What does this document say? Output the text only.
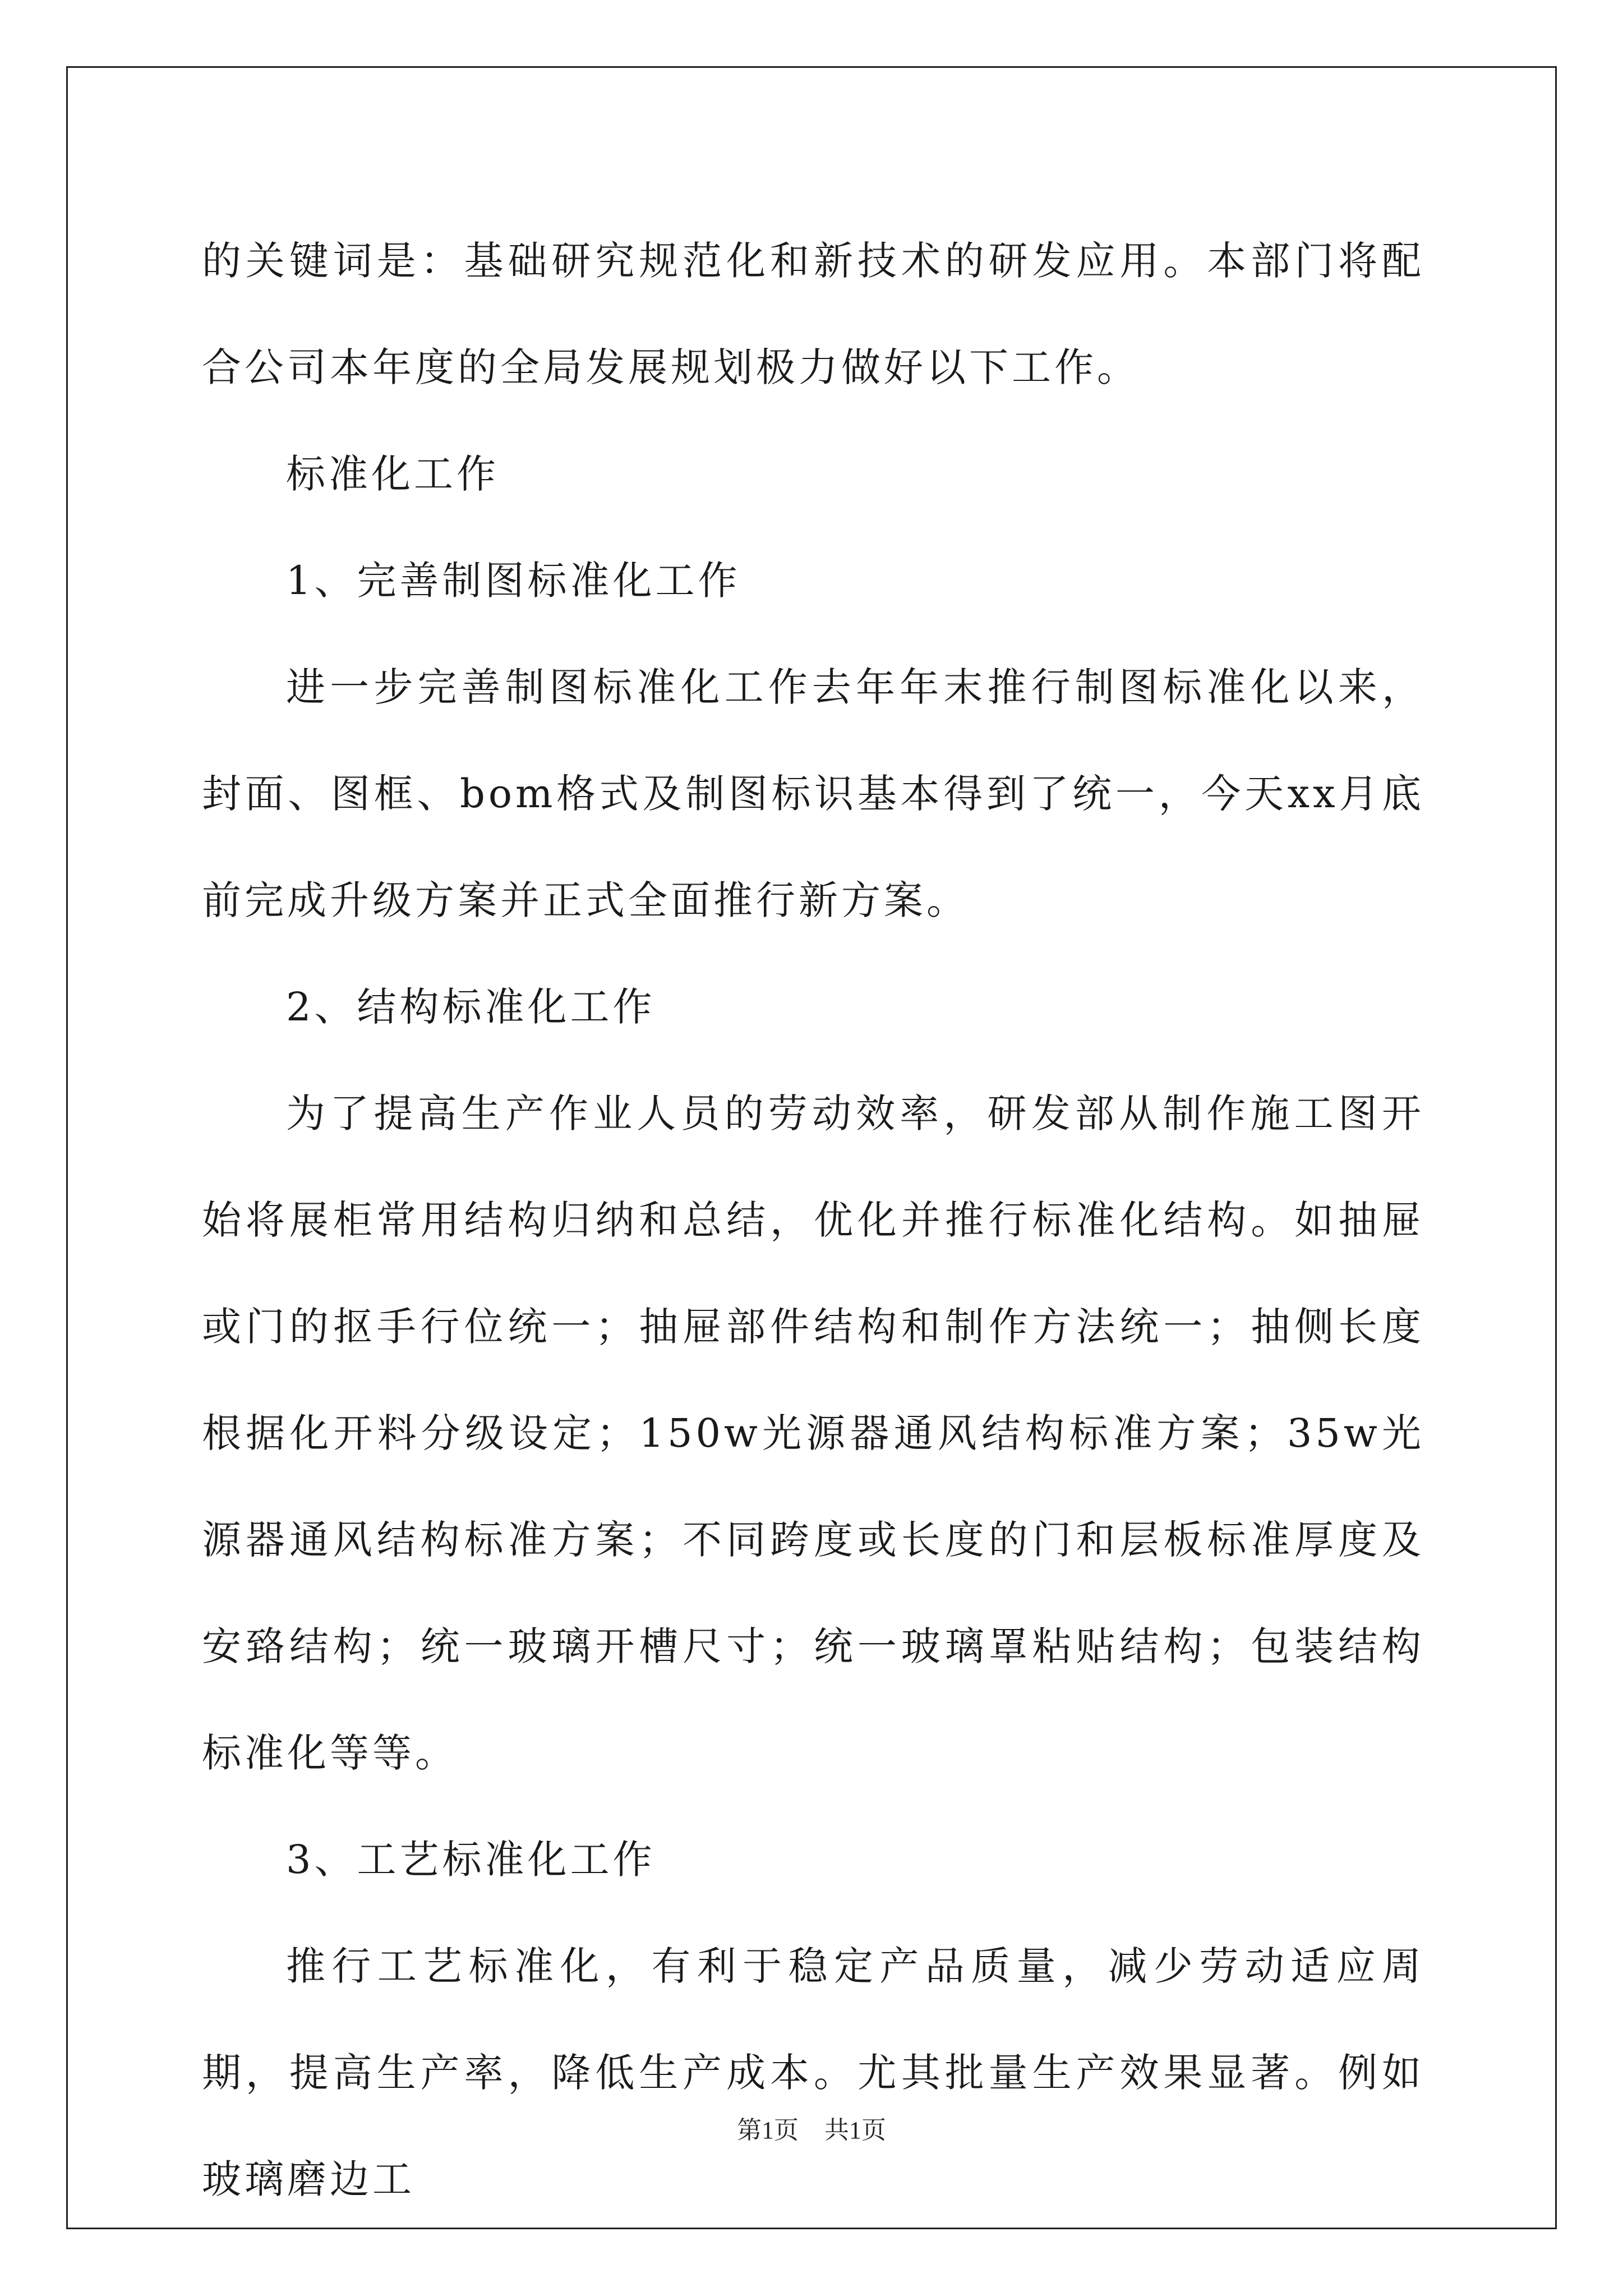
的关键词是：基础研究规范化和新技术的研发应用。本部门将配合公司本年度的全局发展规划极力做好以下工作。

标准化工作

1、完善制图标准化工作

进一步完善制图标准化工作去年年末推行制图标准化以来，封面、图框、bom格式及制图标识基本得到了统一，今天xx月底前完成升级方案并正式全面推行新方案。

2、结构标准化工作

为了提高生产作业人员的劳动效率，研发部从制作施工图开始将展柜常用结构归纳和总结，优化并推行标准化结构。如抽屉或门的抠手行位统一；抽屉部件结构和制作方法统一；抽侧长度根据化开料分级设定；150w光源器通风结构标准方案；35w光源器通风结构标准方案；不同跨度或长度的门和层板标准厚度及安臵结构；统一玻璃开槽尺寸；统一玻璃罩粘贴结构；包装结构标准化等等。

3、工艺标准化工作

推行工艺标准化，有利于稳定产品质量，减少劳动适应周期，提高生产率，降低生产成本。尤其批量生产效果显著。例如玻璃磨边工

第1页 共1页
